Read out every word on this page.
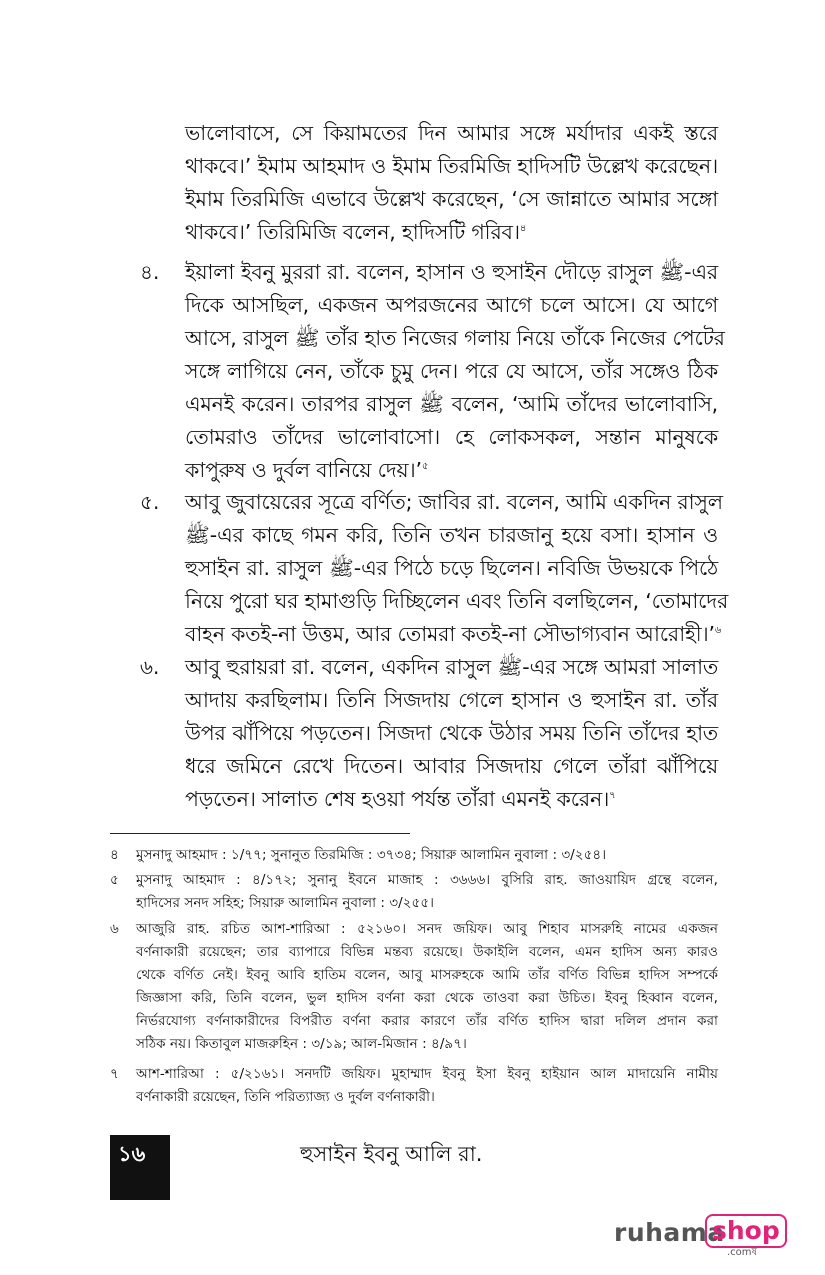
ভালোবাসে, সে কিয়ামতের দিন আমার সঙ্গে মর্যাদার একই স্তরে
থাকবে।’ ইমাম আহমাদ ও ইমাম তিরমিজি হাদিসটি উল্লেখ করেছেন।
ইমাম তিরমিজি এভাবে উল্লেখ করেছেন, ‘সে জান্নাতে আমার সঙ্গো
থাকবে।’ তিরিমিজি বলেন, হাদিসটি গরিব।$^৪$
৪. ইয়ালা ইবনু মুররা রা. বলেন, হাসান ও হুসাইন দৌড়ে রাসুল ﷺ-এর
দিকে আসছিল, একজন অপরজনের আগে চলে আসে। যে আগে
আসে, রাসুল ﷺ তাঁর হাত নিজের গলায় নিয়ে তাঁকে নিজের পেটের
সঙ্গে লাগিয়ে নেন, তাঁকে চুমু দেন। পরে যে আসে, তাঁর সঙ্গেও ঠিক
এমনই করেন। তারপর রাসুল ﷺ বলেন, ‘আমি তাঁদের ভালোবাসি,
তোমরাও তাঁদের ভালোবাসো। হে লোকসকল, সন্তান মানুষকে
কাপুরুষ ও দুর্বল বানিয়ে দেয়।’$^৫$
৫. আবু জুবায়েরের সূত্রে বর্ণিত; জাবির রা. বলেন, আমি একদিন রাসুল
ﷺ-এর কাছে গমন করি, তিনি তখন চারজানু হয়ে বসা। হাসান ও
হুসাইন রা. রাসুল ﷺ-এর পিঠে চড়ে ছিলেন। নবিজি উভয়কে পিঠে
নিয়ে পুরো ঘর হামাগুড়ি দিচ্ছিলেন এবং তিনি বলছিলেন, ‘তোমাদের
বাহন কতই-না উত্তম, আর তোমরা কতই-না সৌভাগ্যবান আরোহী।’$^৬$
৬. আবু হুরায়রা রা. বলেন, একদিন রাসুল ﷺ-এর সঙ্গে আমরা সালাত
আদায় করছিলাম। তিনি সিজদায় গেলে হাসান ও হুসাইন রা. তাঁর
উপর ঝাঁপিয়ে পড়তেন। সিজদা থেকে উঠার সময় তিনি তাঁদের হাত
ধরে জমিনে রেখে দিতেন। আবার সিজদায় গেলে তাঁরা ঝাঁপিয়ে
পড়তেন। সালাত শেষ হওয়া পর্যন্ত তাঁরা এমনই করেন।$^৭$
৪ মুসনাদু আহমাদ : ১/৭৭; সুনানুত তিরমিজি : ৩৭৩৪; সিয়ারু আলামিন নুবালা : ৩/২৫৪।
৫ মুসনাদু আহমাদ : ৪/১৭২; সুনানু ইবনে মাজাহ : ৩৬৬৬। বুসিরি রাহ. জাওয়ায়িদ গ্রন্থে বলেন,
হাদিসের সনদ সহিহ; সিয়ারু আলামিন নুবালা : ৩/২৫৫।
৬ আজুরি রাহ. রচিত আশ-শারিআ : ৫২১৬০। সনদ জয়িফ। আবু শিহাব মাসরুহি নামের একজন
বর্ণনাকারী রয়েছেন; তার ব্যাপারে বিভিন্ন মন্তব্য রয়েছে। উকাইলি বলেন, এমন হাদিস অন্য কারও
থেকে বর্ণিত নেই। ইবনু আবি হাতিম বলেন, আবু মাসরুহকে আমি তাঁর বর্ণিত বিভিন্ন হাদিস সম্পর্কে
জিজ্ঞাসা করি, তিনি বলেন, ভুল হাদিস বর্ণনা করা থেকে তাওবা করা উচিত। ইবনু হিব্বান বলেন,
নির্ভরযোগ্য বর্ণনাকারীদের বিপরীত বর্ণনা করার কারণে তাঁর বর্ণিত হাদিস দ্বারা দলিল প্রদান করা
সঠিক নয়। কিতাবুল মাজরুহিন : ৩/১৯; আল-মিজান : ৪/৯৭।
৭ আশ-শারিআ : ৫/২১৬১। সনদটি জয়িফ। মুহাম্মাদ ইবনু ইসা ইবনু হাইয়ান আল মাদায়েনি নামীয়
বর্ণনাকারী রয়েছেন, তিনি পরিত্যাজ্য ও দুর্বল বর্ণনাকারী।
১৬	হুসাইন ইবনু আলি রা.
ruhama
shop
.comষ
